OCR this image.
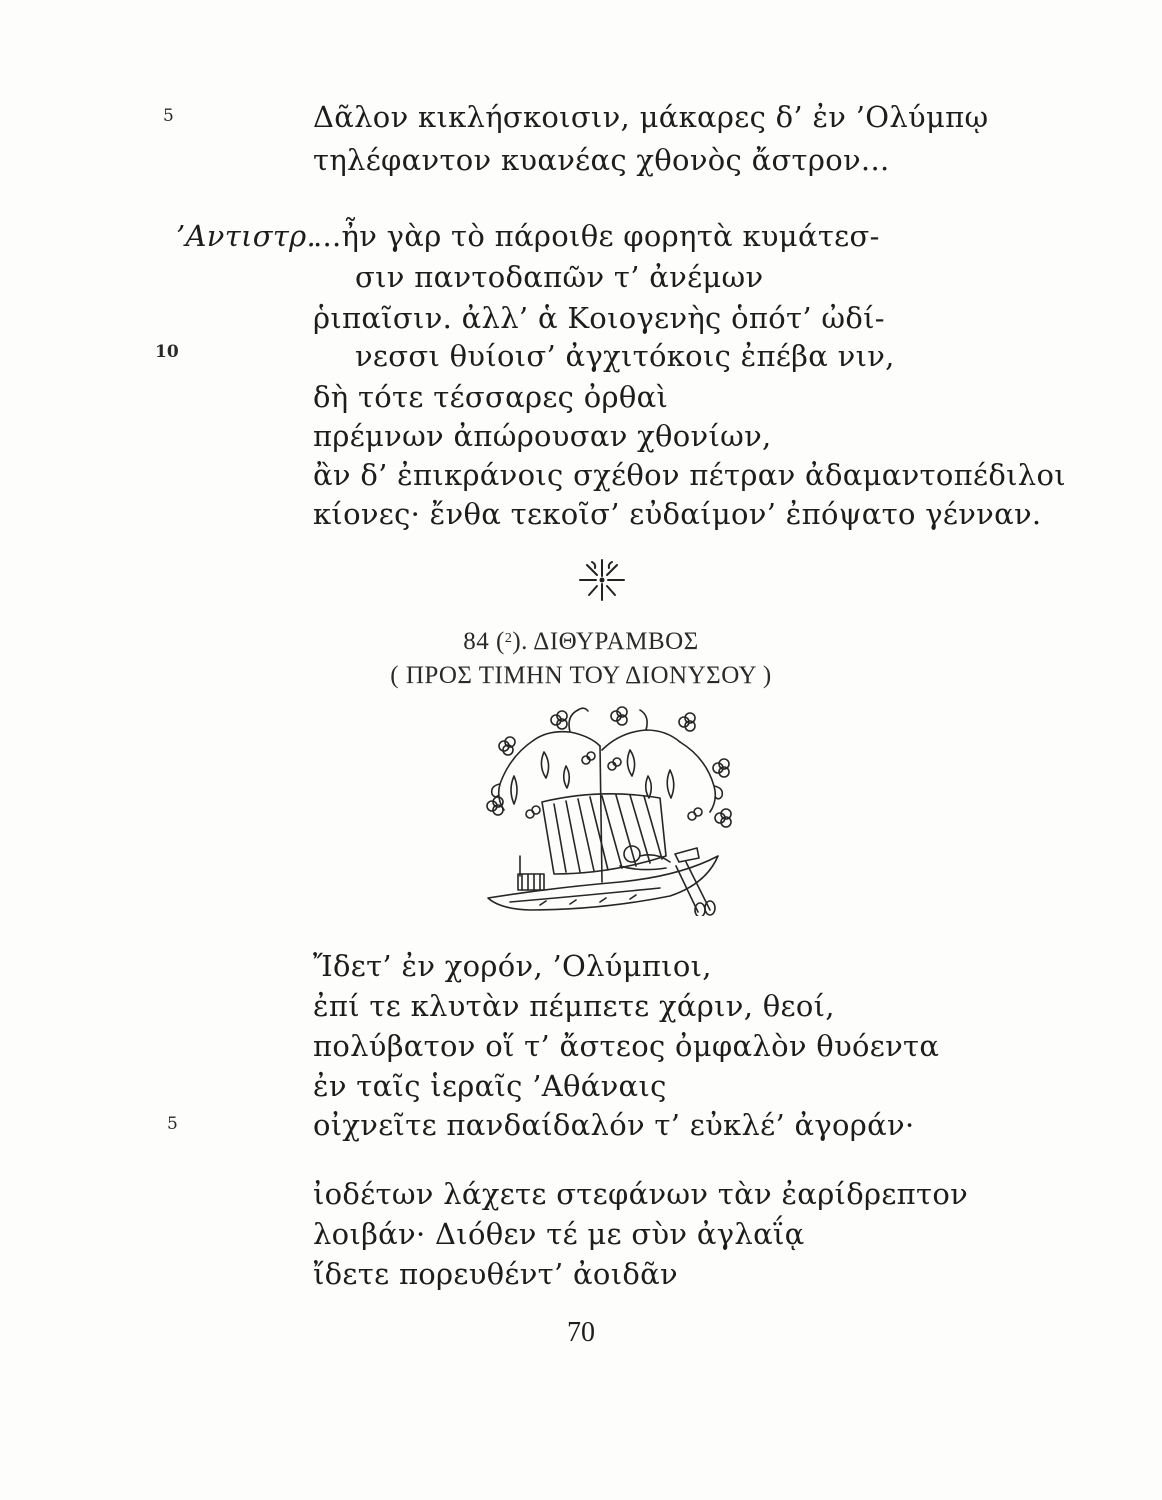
5	Δᾶλον κικλήσκοισιν, μάκαρες δ’ ἐν ’Ολύμπῳ
τηλέφαντον κυανέας χθονὸς ἄστρον...
’Αντιστρ.
...ἦν γὰρ τὸ πάροιθε φορητὰ κυμάτεσ-
σιν παντοδαπῶν τ’ ἀνέμων
ῥιπαῖσιν. ἀλλ’ ἁ Κοιογενὴς ὁπότ’ ὠδί-
10	νεσσι θυίοισ’ ἀγχιτόκοις ἐπέβα νιν,
δὴ τότε τέσσαρες ὀρθαὶ
πρέμνων ἀπώρουσαν χθονίων,
ἂν δ’ ἐπικράνοις σχέθον πέτραν ἀδαμαντοπέδιλοι
κίονες· ἔνθα τεκοῖσ’ εὐδαίμον’ ἐπόψατο γένναν.
84 ($^2$). ΔΙΘΥΡΑΜΒΟΣ
( ΠΡΟΣ ΤΙΜΗΝ ΤΟΥ ΔΙΟΝΥΣΟΥ )
Ἴδετ’ ἐν χορόν, ’Ολύμπιοι,
ἐπί τε κλυτὰν πέμπετε χάριν, θεοί,
πολύβατον οἵ τ’ ἄστεος ὀμφαλὸν θυόεντα
ἐν ταῖς ἱεραῖς ’Αθάναις
5	οἰχνεῖτε πανδαίδαλόν τ’ εὐκλέ’ ἀγοράν·
ἰοδέτων λάχετε στεφάνων τὰν ἐαρίδρεπτον
λοιβάν· Διόθεν τέ με σὺν ἀγλαΐᾳ
ἴδετε πορευθέντ’ ἀοιδᾶν
70
